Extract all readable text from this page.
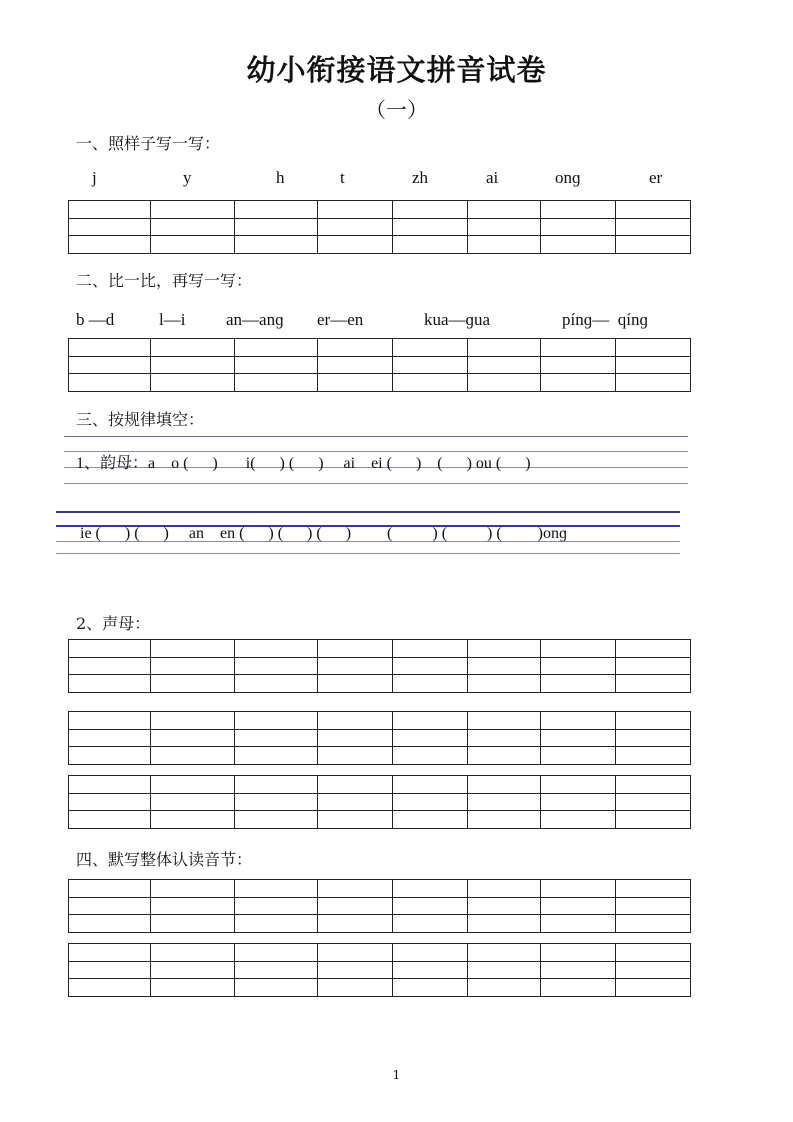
幼小衔接语文拼音试卷
（一）
一、照样子写一写：
j	y	h	t	zh	ai	onɡ	er

二、比一比，再写一写：
b —d	l—i an—anɡ er—en	kua—ɡua	pínɡ—  qínɡ

三、按规律填空：
1、韵母：a    o (      )       i(      ) (      )     ai    ei (      )    (      ) ou (      )
ie (      ) (      )     an    en (      ) (      ) (      )         (          ) (          ) (         )onɡ
2、声母：

四、默写整体认读音节：

1
